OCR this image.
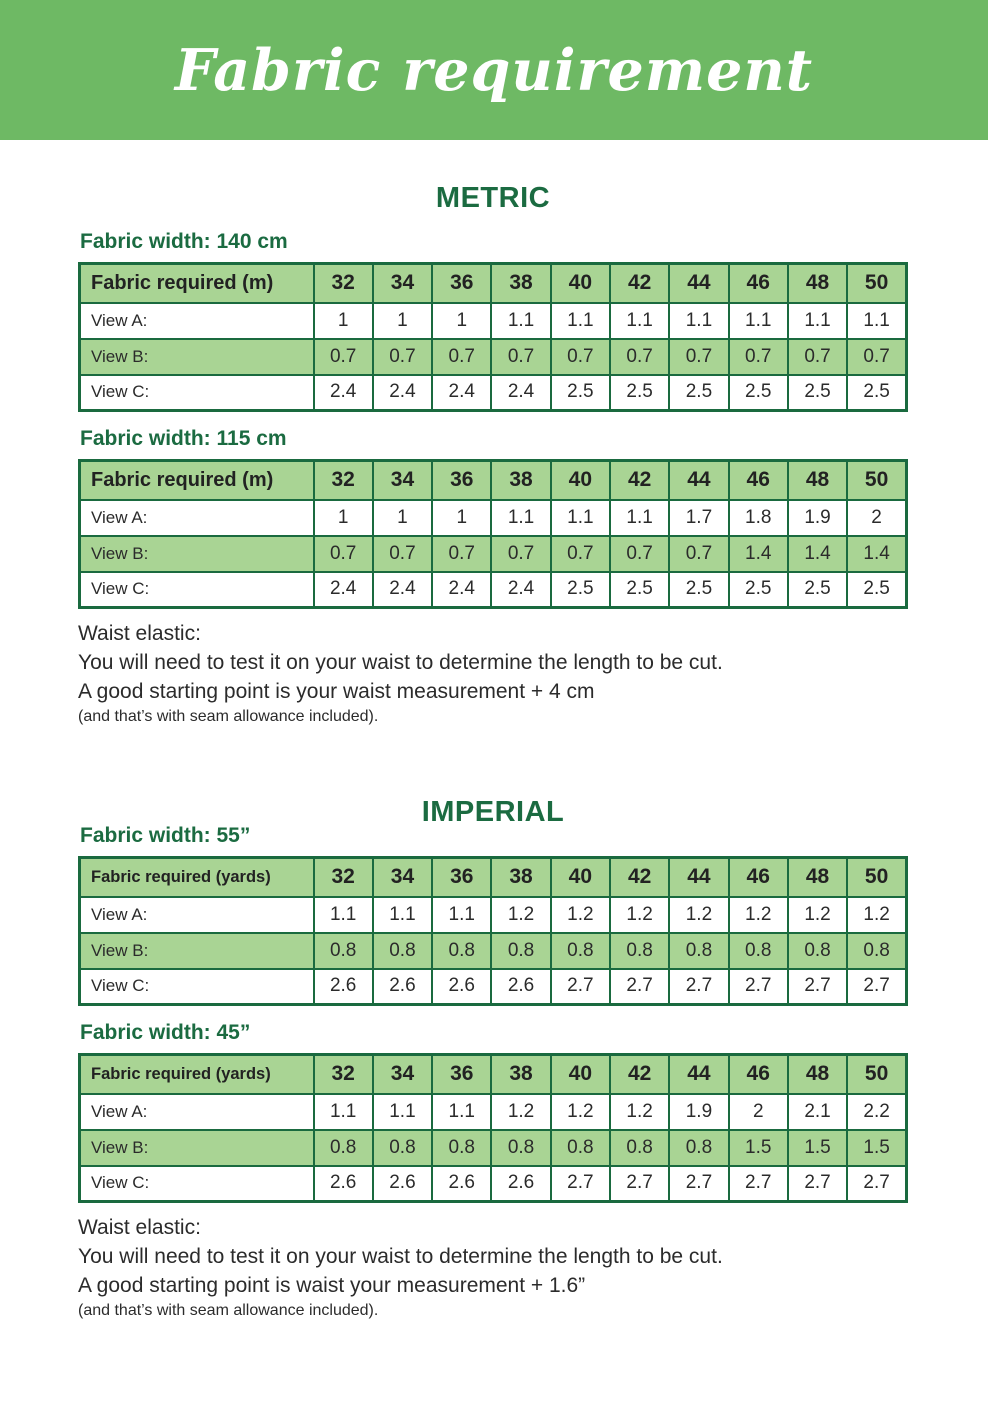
Fabric requirement
METRIC
Fabric width: 140 cm
Fabric required (m)	32	34	36	38	40	42	44	46	48	50
View A:	1	1	1	1.1	1.1	1.1	1.1	1.1	1.1	1.1
View B:	0.7	0.7	0.7	0.7	0.7	0.7	0.7	0.7	0.7	0.7
View C:	2.4	2.4	2.4	2.4	2.5	2.5	2.5	2.5	2.5	2.5
Fabric width: 115 cm
Fabric required (m)	32	34	36	38	40	42	44	46	48	50
View A:	1	1	1	1.1	1.1	1.1	1.7	1.8	1.9	2
View B:	0.7	0.7	0.7	0.7	0.7	0.7	0.7	1.4	1.4	1.4
View C:	2.4	2.4	2.4	2.4	2.5	2.5	2.5	2.5	2.5	2.5

Waist elastic:

You will need to test it on your waist to determine the length to be cut.

A good starting point is your waist measurement + 4 cm

(and that’s with seam allowance included).

IMPERIAL
Fabric width: 55”
Fabric required (yards)	32	34	36	38	40	42	44	46	48	50
View A:	1.1	1.1	1.1	1.2	1.2	1.2	1.2	1.2	1.2	1.2
View B:	0.8	0.8	0.8	0.8	0.8	0.8	0.8	0.8	0.8	0.8
View C:	2.6	2.6	2.6	2.6	2.7	2.7	2.7	2.7	2.7	2.7
Fabric width: 45”
Fabric required (yards)	32	34	36	38	40	42	44	46	48	50
View A:	1.1	1.1	1.1	1.2	1.2	1.2	1.9	2	2.1	2.2
View B:	0.8	0.8	0.8	0.8	0.8	0.8	0.8	1.5	1.5	1.5
View C:	2.6	2.6	2.6	2.6	2.7	2.7	2.7	2.7	2.7	2.7

Waist elastic:

You will need to test it on your waist to determine the length to be cut.

A good starting point is waist your measurement + 1.6”

(and that’s with seam allowance included).
